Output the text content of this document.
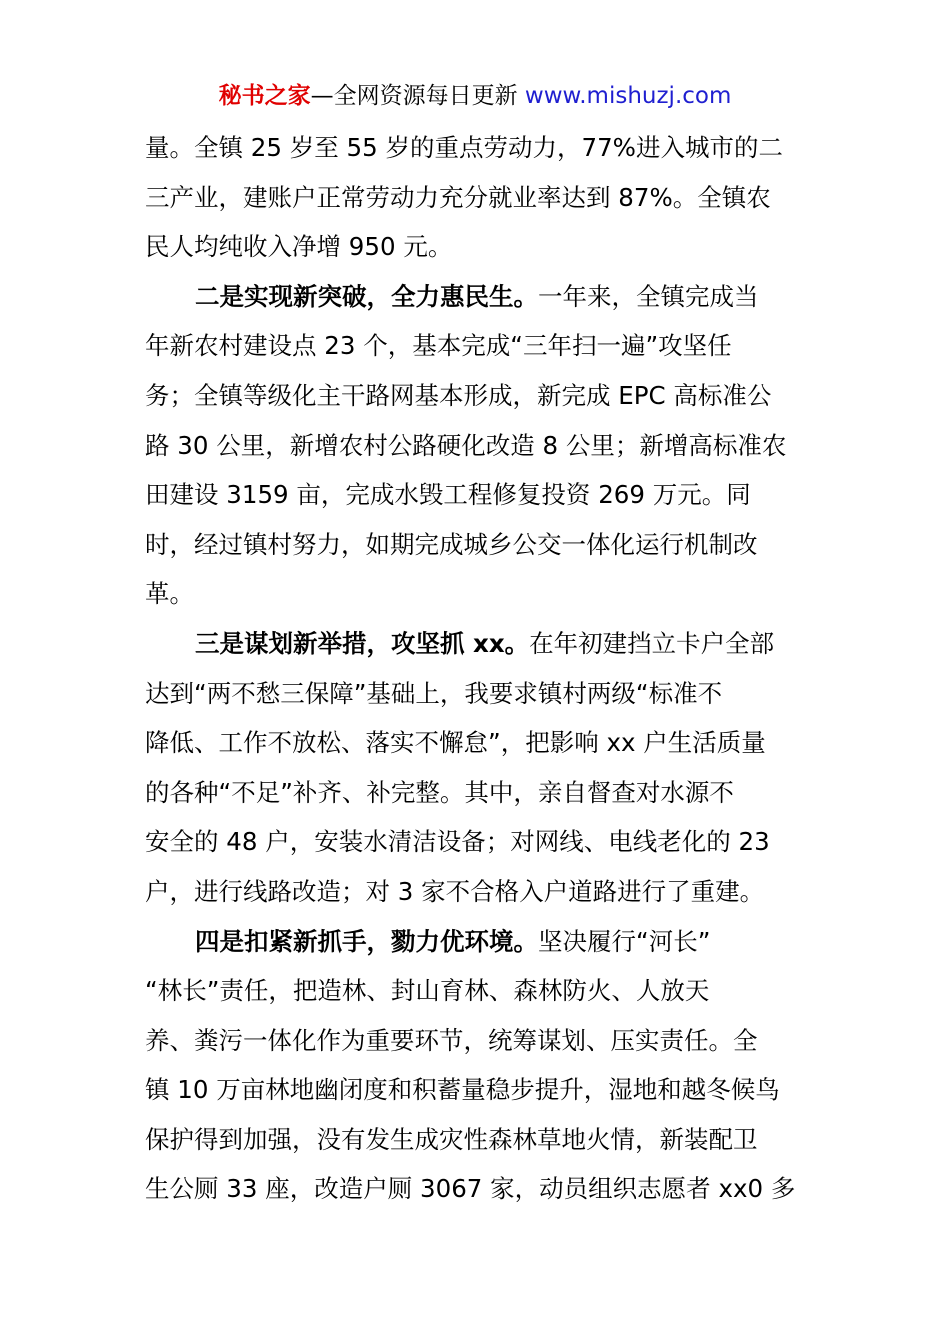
秘书之家—全网资源每日更新 www.mishuzj.com
量。全镇 25 岁至 55 岁的重点劳动力，77%进入城市的二
三产业，建账户正常劳动力充分就业率达到 87%。全镇农
民人均纯收入净增 950 元。
二是实现新突破，全力惠民生。一年来，全镇完成当
年新农村建设点 23 个，基本完成“三年扫一遍”攻坚任
务；全镇等级化主干路网基本形成，新完成 EPC 高标准公
路 30 公里，新增农村公路硬化改造 8 公里；新增高标准农
田建设 3159 亩，完成水毁工程修复投资 269 万元。同
时，经过镇村努力，如期完成城乡公交一体化运行机制改
革。
三是谋划新举措，攻坚抓 xx。在年初建挡立卡户全部
达到“两不愁三保障”基础上，我要求镇村两级“标准不
降低、工作不放松、落实不懈怠”，把影响 xx 户生活质量
的各种“不足”补齐、补完整。其中，亲自督查对水源不
安全的 48 户，安装水清洁设备；对网线、电线老化的 23
户，进行线路改造；对 3 家不合格入户道路进行了重建。
四是扣紧新抓手，勠力优环境。坚决履行“河长”
“林长”责任，把造林、封山育林、森林防火、人放天
养、粪污一体化作为重要环节，统筹谋划、压实责任。全
镇 10 万亩林地幽闭度和积蓄量稳步提升，湿地和越冬候鸟
保护得到加强，没有发生成灾性森林草地火情，新装配卫
生公厕 33 座，改造户厕 3067 家，动员组织志愿者 xx0 多
